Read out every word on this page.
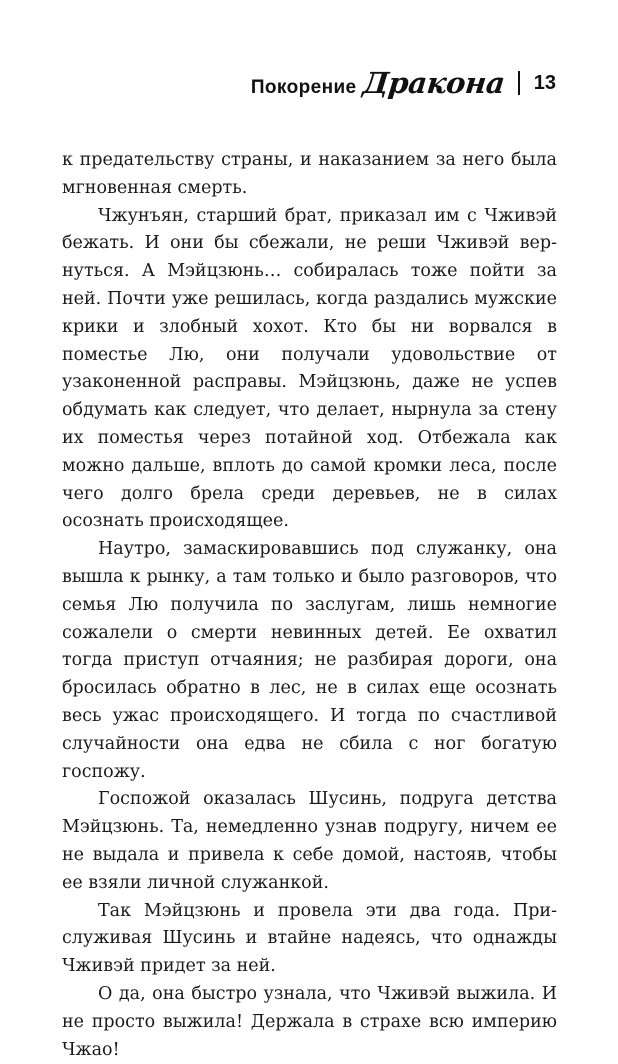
Покорение Дракона 13

к предательству страны, и наказанием за него была мгновенная смерть.

Чжунъян, старший брат, приказал им с Чживэй бежать. И они бы сбежали, не реши Чживэй вернуться. А Мэйцзюнь… собиралась тоже пойти за ней. Почти уже решилась, когда раздались мужские крики и злобный хохот. Кто бы ни ворвался в поместье Лю, они получали удовольствие от узаконенной расправы. Мэйцзюнь, даже не успев обдумать как следует, что делает, нырнула за стену их поместья через потайной ход. Отбежала как можно дальше, вплоть до самой кромки леса, после чего долго брела среди деревьев, не в силах осознать происходящее.

Наутро, замаскировавшись под служанку, она вышла к рынку, а там только и было разговоров, что семья Лю получила по заслугам, лишь немногие сожалели о смерти невинных детей. Ее охватил тогда приступ отчаяния; не разбирая дороги, она бросилась обратно в лес, не в силах еще осознать весь ужас происходящего. И тогда по счастливой случайности она едва не сбила с ног богатую госпожу.

Госпожой оказалась Шусинь, подруга детства Мэйцзюнь. Та, немедленно узнав подругу, ничем ее не выдала и привела к себе домой, настояв, чтобы ее взяли личной служанкой.

Так Мэйцзюнь и провела эти два года. Прислуживая Шусинь и втайне надеясь, что однажды Чживэй придет за ней.

О да, она быстро узнала, что Чживэй выжила. И не просто выжила! Держала в страхе всю империю Чжао!
